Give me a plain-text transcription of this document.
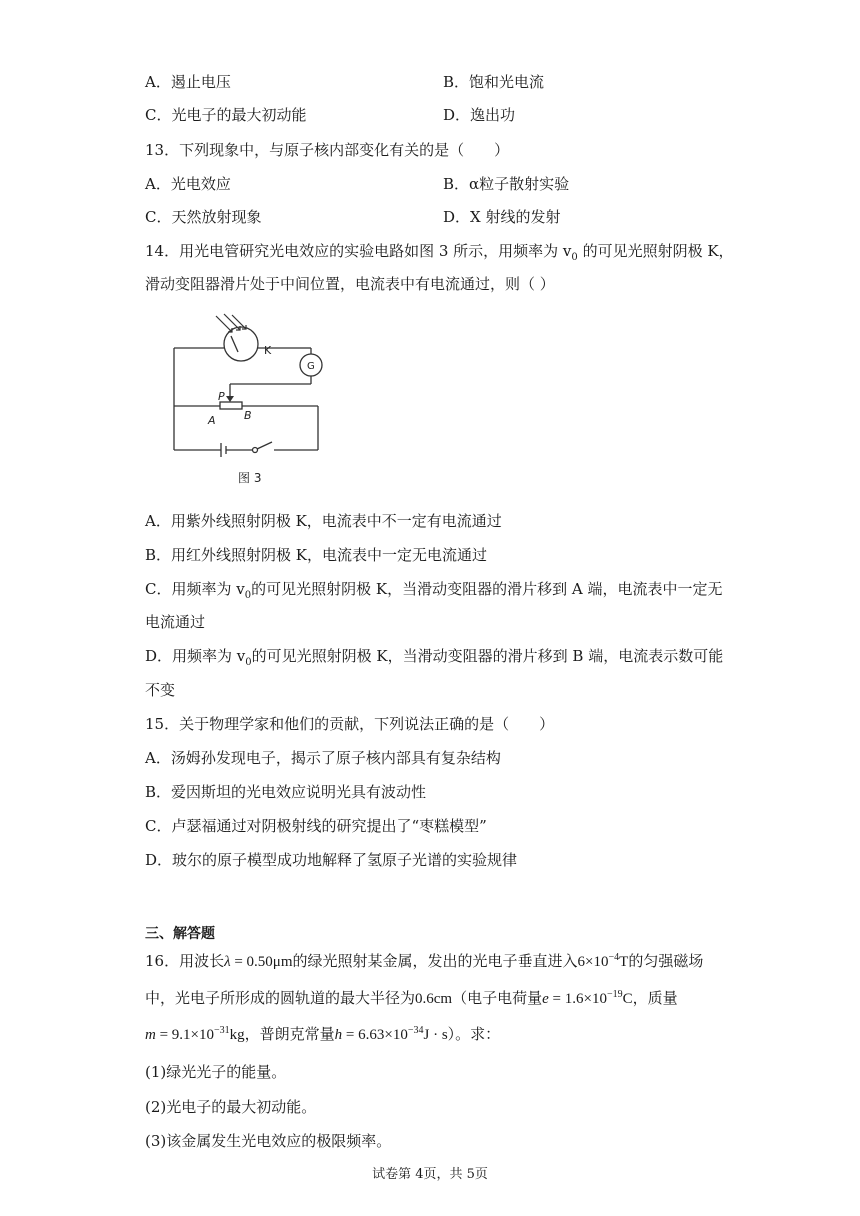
A．遏止电压	B．饱和光电流
C．光电子的最大初动能	D．逸出功
13．下列现象中，与原子核内部变化有关的是（　　）
A．光电效应	B．α粒子散射实验
C．天然放射现象	D．X 射线的发射
14．用光电管研究光电效应的实验电路如图 3 所示，用频率为 $v_0$ 的可见光照射阴极 K，
滑动变阻器滑片处于中间位置，电流表中有电流通过，则（ ）
K
G
P
A	B
图 3
A．用紫外线照射阴极 K，电流表中不一定有电流通过
B．用红外线照射阴极 K，电流表中一定无电流通过
C．用频率为 $v_0$的可见光照射阴极 K，当滑动变阻器的滑片移到 A 端，电流表中一定无
电流通过
D．用频率为 $v_0$的可见光照射阴极 K，当滑动变阻器的滑片移到 B 端，电流表示数可能
不变
15．关于物理学家和他们的贡献，下列说法正确的是（　　）
A．汤姆孙发现电子，揭示了原子核内部具有复杂结构
B．爱因斯坦的光电效应说明光具有波动性
C．卢瑟福通过对阴极射线的研究提出了“枣糕模型”
D．玻尔的原子模型成功地解释了氢原子光谱的实验规律
三、解答题
16．用波长λ = 0.50μm的绿光照射某金属，发出的光电子垂直进入$6\times 10^{-4}T$的匀强磁场
中，光电子所形成的圆轨道的最大半径为0.6cm（电子电荷量$e = 1.6\times 10^{-19}C$，质量
$m = 9.1\times 10^{-31}kg$，普朗克常量$h = 6.63\times 10^{-34}J \cdot s$）。求：
(1)绿光光子的能量。
(2)光电子的最大初动能。
(3)该金属发生光电效应的极限频率。
试卷第 4页，共 5页
